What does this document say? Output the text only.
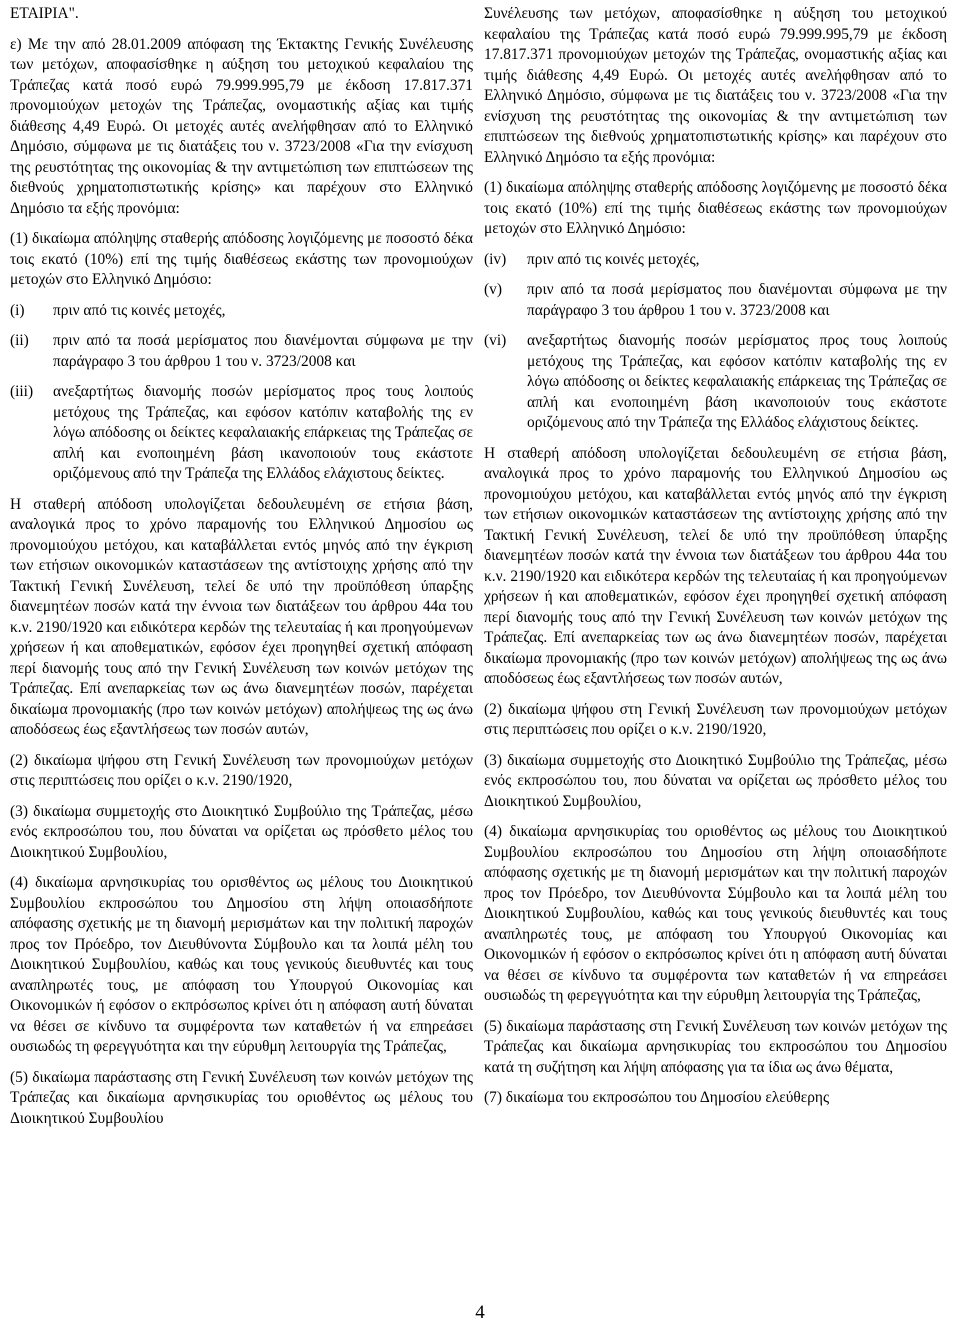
ΕΤΑΙΡΙΑ".

ε) Με την από 28.01.2009 απόφαση της Έκτακτης Γενικής Συνέλευσης των μετόχων, αποφασίσθηκε η αύξηση του μετοχικού κεφαλαίου της Τράπεζας κατά ποσό ευρώ 79.999.995,79 με έκδοση 17.817.371 προνομιούχων μετοχών της Τράπεζας, ονομαστικής αξίας και τιμής διάθεσης 4,49 Ευρώ. Οι μετοχές αυτές ανελήφθησαν από το Ελληνικό Δημόσιο, σύμφωνα με τις διατάξεις του ν. 3723/2008 «Για την ενίσχυση της ρευστότητας της οικονομίας & την αντιμετώπιση των επιπτώσεων της διεθνούς χρηματοπιστωτικής κρίσης» και παρέχουν στο Ελληνικό Δημόσιο τα εξής προνόμια:

(1) δικαίωμα απόληψης σταθερής απόδοσης λογιζόμενης με ποσοστό δέκα τοις εκατό (10%) επί της τιμής διαθέσεως εκάστης των προνομιούχων μετοχών στο Ελληνικό Δημόσιο:

(i)	πριν από τις κοινές μετοχές,
(ii)	πριν από τα ποσά μερίσματος που διανέμονται σύμφωνα με την παράγραφο 3 του άρθρου 1 του ν. 3723/2008 και
(iii)	ανεξαρτήτως διανομής ποσών μερίσματος προς τους λοιπούς μετόχους της Τράπεζας, και εφόσον κατόπιν καταβολής της εν λόγω απόδοσης οι δείκτες κεφαλαιακής επάρκειας της Τράπεζας σε απλή και ενοποιημένη βάση ικανοποιούν τους εκάστοτε οριζόμενους από την Τράπεζα της Ελλάδος ελάχιστους δείκτες.

Η σταθερή απόδοση υπολογίζεται δεδουλευμένη σε ετήσια βάση, αναλογικά προς το χρόνο παραμονής του Ελληνικού Δημοσίου ως προνομιούχου μετόχου, και καταβάλλεται εντός μηνός από την έγκριση των ετήσιων οικονομικών καταστάσεων της αντίστοιχης χρήσης από την Τακτική Γενική Συνέλευση, τελεί δε υπό την προϋπόθεση ύπαρξης διανεμητέων ποσών κατά την έννοια των διατάξεων του άρθρου 44α του κ.ν. 2190/1920 και ειδικότερα κερδών της τελευταίας ή και προηγούμενων χρήσεων ή και αποθεματικών, εφόσον έχει προηγηθεί σχετική απόφαση περί διανομής τους από την Γενική Συνέλευση των κοινών μετόχων της Τράπεζας. Επί ανεπαρκείας των ως άνω διανεμητέων ποσών, παρέχεται δικαίωμα προνομιακής (προ των κοινών μετόχων) απολήψεως της ως άνω αποδόσεως έως εξαντλήσεως των ποσών αυτών,

(2) δικαίωμα ψήφου στη Γενική Συνέλευση των προνομιούχων μετόχων στις περιπτώσεις που ορίζει ο κ.ν. 2190/1920,

(3) δικαίωμα συμμετοχής στο Διοικητικό Συμβούλιο της Τράπεζας, μέσω ενός εκπροσώπου του, που δύναται να ορίζεται ως πρόσθετο μέλος του Διοικητικού Συμβουλίου,

(4) δικαίωμα αρνησικυρίας του ορισθέντος ως μέλους του Διοικητικού Συμβουλίου εκπροσώπου του Δημοσίου στη λήψη οποιασδήποτε απόφασης σχετικής με τη διανομή μερισμάτων και την πολιτική παροχών προς τον Πρόεδρο, τον Διευθύνοντα Σύμβουλο και τα λοιπά μέλη του Διοικητικού Συμβουλίου, καθώς και τους γενικούς διευθυντές και τους αναπληρωτές τους, με απόφαση του Υπουργού Οικονομίας και Οικονομικών ή εφόσον ο εκπρόσωπος κρίνει ότι η απόφαση αυτή δύναται να θέσει σε κίνδυνο τα συμφέροντα των καταθετών ή να επηρεάσει ουσιωδώς τη φερεγγυότητα και την εύρυθμη λειτουργία της Τράπεζας,

(5) δικαίωμα παράστασης στη Γενική Συνέλευση των κοινών μετόχων της Τράπεζας και δικαίωμα αρνησικυρίας του οριοθέντος ως μέλους του Διοικητικού Συμβουλίου

Συνέλευσης των μετόχων, αποφασίσθηκε η αύξηση του μετοχικού κεφαλαίου της Τράπεζας κατά ποσό ευρώ 79.999.995,79 με έκδοση 17.817.371 προνομιούχων μετοχών της Τράπεζας, ονομαστικής αξίας και τιμής διάθεσης 4,49 Ευρώ. Οι μετοχές αυτές ανελήφθησαν από το Ελληνικό Δημόσιο, σύμφωνα με τις διατάξεις του ν. 3723/2008 «Για την ενίσχυση της ρευστότητας της οικονομίας & την αντιμετώπιση των επιπτώσεων της διεθνούς χρηματοπιστωτικής κρίσης» και παρέχουν στο Ελληνικό Δημόσιο τα εξής προνόμια:

(1) δικαίωμα απόληψης σταθερής απόδοσης λογιζόμενης με ποσοστό δέκα τοις εκατό (10%) επί της τιμής διαθέσεως εκάστης των προνομιούχων μετοχών στο Ελληνικό Δημόσιο:

(iv)	πριν από τις κοινές μετοχές,
(v)	πριν από τα ποσά μερίσματος που διανέμονται σύμφωνα με την παράγραφο 3 του άρθρου 1 του ν. 3723/2008 και
(vi)	ανεξαρτήτως διανομής ποσών μερίσματος προς τους λοιπούς μετόχους της Τράπεζας, και εφόσον κατόπιν καταβολής της εν λόγω απόδοσης οι δείκτες κεφαλαιακής επάρκειας της Τράπεζας σε απλή και ενοποιημένη βάση ικανοποιούν τους εκάστοτε οριζόμενους από την Τράπεζα της Ελλάδος ελάχιστους δείκτες.

Η σταθερή απόδοση υπολογίζεται δεδουλευμένη σε ετήσια βάση, αναλογικά προς το χρόνο παραμονής του Ελληνικού Δημοσίου ως προνομιούχου μετόχου, και καταβάλλεται εντός μηνός από την έγκριση των ετήσιων οικονομικών καταστάσεων της αντίστοιχης χρήσης από την Τακτική Γενική Συνέλευση, τελεί δε υπό την προϋπόθεση ύπαρξης διανεμητέων ποσών κατά την έννοια των διατάξεων του άρθρου 44α του κ.ν. 2190/1920 και ειδικότερα κερδών της τελευταίας ή και προηγούμενων χρήσεων ή και αποθεματικών, εφόσον έχει προηγηθεί σχετική απόφαση περί διανομής τους από την Γενική Συνέλευση των κοινών μετόχων της Τράπεζας. Επί ανεπαρκείας των ως άνω διανεμητέων ποσών, παρέχεται δικαίωμα προνομιακής (προ των κοινών μετόχων) απολήψεως της ως άνω αποδόσεως έως εξαντλήσεως των ποσών αυτών,

(2) δικαίωμα ψήφου στη Γενική Συνέλευση των προνομιούχων μετόχων στις περιπτώσεις που ορίζει ο κ.ν. 2190/1920,

(3) δικαίωμα συμμετοχής στο Διοικητικό Συμβούλιο της Τράπεζας, μέσω ενός εκπροσώπου του, που δύναται να ορίζεται ως πρόσθετο μέλος του Διοικητικού Συμβουλίου,

(4) δικαίωμα αρνησικυρίας του οριοθέντος ως μέλους του Διοικητικού Συμβουλίου εκπροσώπου του Δημοσίου στη λήψη οποιασδήποτε απόφασης σχετικής με τη διανομή μερισμάτων και την πολιτική παροχών προς τον Πρόεδρο, τον Διευθύνοντα Σύμβουλο και τα λοιπά μέλη του Διοικητικού Συμβουλίου, καθώς και τους γενικούς διευθυντές και τους αναπληρωτές τους, με απόφαση του Υπουργού Οικονομίας και Οικονομικών ή εφόσον ο εκπρόσωπος κρίνει ότι η απόφαση αυτή δύναται να θέσει σε κίνδυνο τα συμφέροντα των καταθετών ή να επηρεάσει ουσιωδώς τη φερεγγυότητα και την εύρυθμη λειτουργία της Τράπεζας,

(5) δικαίωμα παράστασης στη Γενική Συνέλευση των κοινών μετόχων της Τράπεζας και δικαίωμα αρνησικυρίας του εκπροσώπου του Δημοσίου κατά τη συζήτηση και λήψη απόφασης για τα ίδια ως άνω θέματα,

(7) δικαίωμα του εκπροσώπου του Δημοσίου ελεύθερης

4
